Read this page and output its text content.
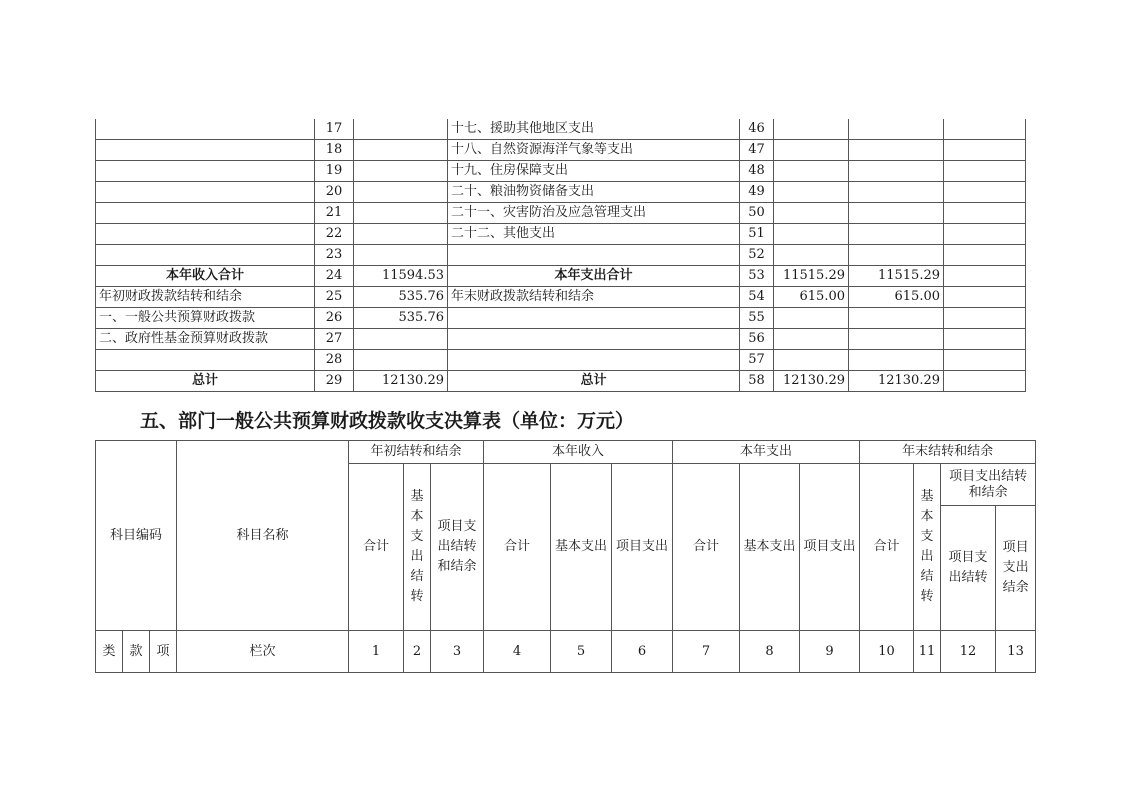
	17		十七、援助其他地区支出	46			
	18		十八、自然资源海洋气象等支出	47			
	19		十九、住房保障支出	48			
	20		二十、粮油物资储备支出	49			
	21		二十一、灾害防治及应急管理支出	50			
	22		二十二、其他支出	51			
	23			52			
本年收入合计	24	11594.53	本年支出合计	53	11515.29	11515.29	
年初财政拨款结转和结余	25	535.76	年末财政拨款结转和结余	54	615.00	615.00	
一、一般公共预算财政拨款	26	535.76		55			
二、政府性基金预算财政拨款	27			56			
	28			57			
总计	29	12130.29	总计	58	12130.29	12130.29	
五、部门一般公共预算财政拨款收支决算表（单位：万元）
科目编码			科目名称	年初结转和结余			本年收入			本年支出			年末结转和结余			
				合计	基本支出结转	项目支出结转和结余	合计	基本支出	项目支出	合计	基本支出	项目支出	合计	基本支出结转	项目支出结转和结余	
															项目支出结转	项目支出结余
类	款	项	栏次	1	2	3	4	5	6	7	8	9	10	11	12	13
